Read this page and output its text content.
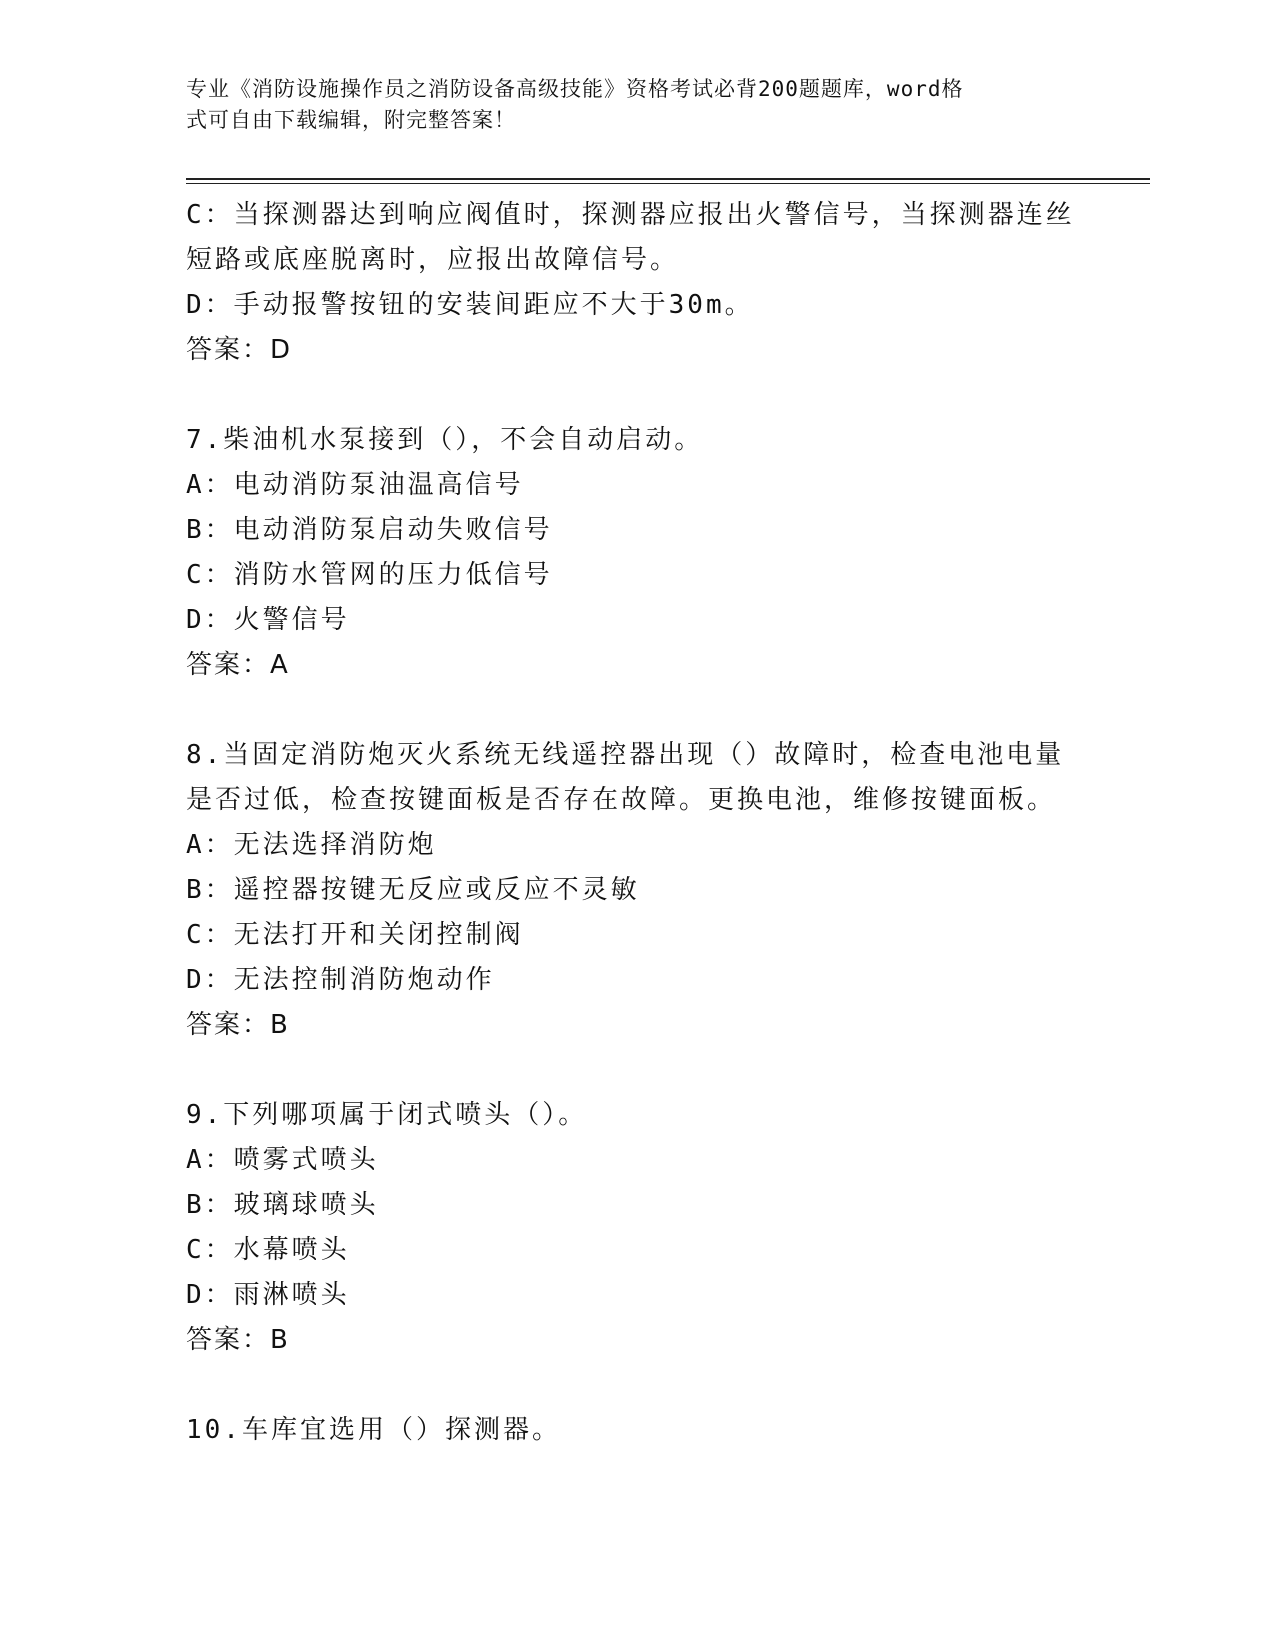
专业《消防设施操作员之消防设备高级技能》资格考试必背200题题库，word格
式可自由下载编辑，附完整答案！
C：当探测器达到响应阀值时，探测器应报出火警信号，当探测器连丝
短路或底座脱离时，应报出故障信号。
D：手动报警按钮的安装间距应不大于30m。
答案：D
7.柴油机水泵接到（），不会自动启动。
A：电动消防泵油温高信号
B：电动消防泵启动失败信号
C：消防水管网的压力低信号
D：火警信号
答案：A
8.当固定消防炮灭火系统无线遥控器出现（）故障时，检查电池电量
是否过低，检查按键面板是否存在故障。更换电池，维修按键面板。
A：无法选择消防炮
B：遥控器按键无反应或反应不灵敏
C：无法打开和关闭控制阀
D：无法控制消防炮动作
答案：B
9.下列哪项属于闭式喷头（）。
A：喷雾式喷头
B：玻璃球喷头
C：水幕喷头
D：雨淋喷头
答案：B
10.车库宜选用（）探测器。
